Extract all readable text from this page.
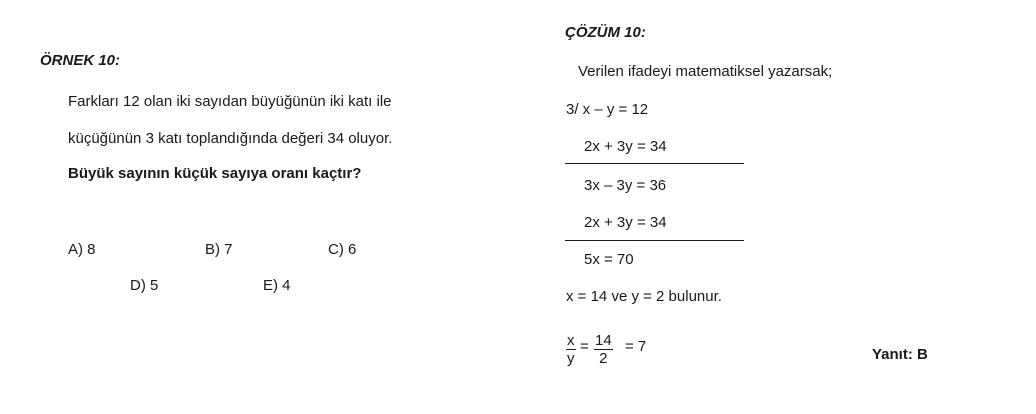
ÖRNEK 10:
Farkları 12 olan iki sayıdan büyüğünün iki katı ile
küçüğünün 3 katı toplandığında değeri 34 oluyor.
Büyük sayının küçük sayıya oranı kaçtır?
A) 8	B) 7	C) 6
D) 5	E) 4
ÇÖZÜM 10:
Verilen ifadeyi matematiksel yazarsak;
3/ x – y = 12
2x + 3y = 34
3x – 3y = 36
2x + 3y = 34
5x = 70
x = 14 ve y = 2 bulunur.
$\frac{x}{y} = \frac{14}{2} = 7$	Yanıt: B
